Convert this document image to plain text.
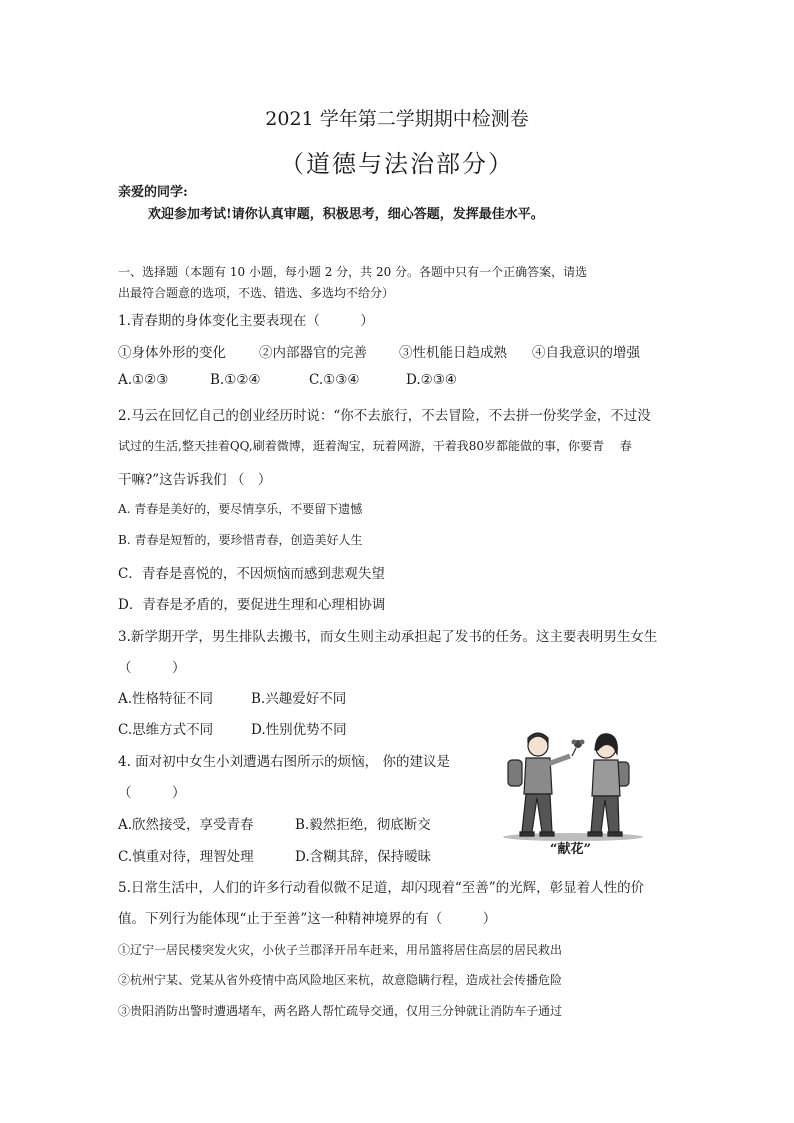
2021 学年第二学期期中检测卷
（道德与法治部分）
亲爱的同学:
欢迎参加考试!请你认真审题，积极思考，细心答题，发挥最佳水平。
一、选择题（本题有 10 小题，每小题 2 分，共 20 分。各题中只有一个正确答案，请选
出最符合题意的选项，不选、错选、多选均不给分）
1.青春期的身体变化主要表现在（　　　）
①身体外形的变化 ②内部器官的完善 ③性机能日趋成熟 ④自我意识的增强
A.①②③	B.①②④	C.①③④	D.②③④
2.马云在回忆自己的创业经历时说：“你不去旅行，不去冒险，不去拼一份奖学金，不过没
试过的生活,整天挂着QQ,刷着微博，逛着淘宝，玩着网游，干着我80岁都能做的事，你要青　 春
干嘛?”这告诉我们 （　）
A. 青春是美好的，要尽情享乐，不要留下遗憾
B. 青春是短暂的，要珍惜青春，创造美好人生
C．青春是喜悦的，不因烦恼而感到悲观失望
D．青春是矛盾的，要促进生理和心理相协调
3.新学期开学，男生排队去搬书，而女生则主动承担起了发书的任务。这主要表明男生女生
（　　　）
A.性格特征不同	B.兴趣爱好不同
C.思维方式不同	D.性别优势不同
4. 面对初中女生小刘遭遇右图所示的烦恼， 你的建议是
（　　　）
A.欣然接受，享受青春	B.毅然拒绝，彻底断交
C.慎重对待，理智处理	D.含糊其辞，保持暧昧	“献花”
5.日常生活中，人们的许多行动看似微不足道，却闪现着“至善”的光辉，彰显着人性的价
值。下列行为能体现“止于至善”这一种精神境界的有（　　　）
①辽宁一居民楼突发火灾，小伙子兰郡泽开吊车赶来，用吊篮将居住高层的居民救出
②杭州宁某、党某从省外疫情中高风险地区来杭，故意隐瞒行程，造成社会传播危险
③贵阳消防出警时遭遇堵车，两名路人帮忙疏导交通，仅用三分钟就让消防车子通过
